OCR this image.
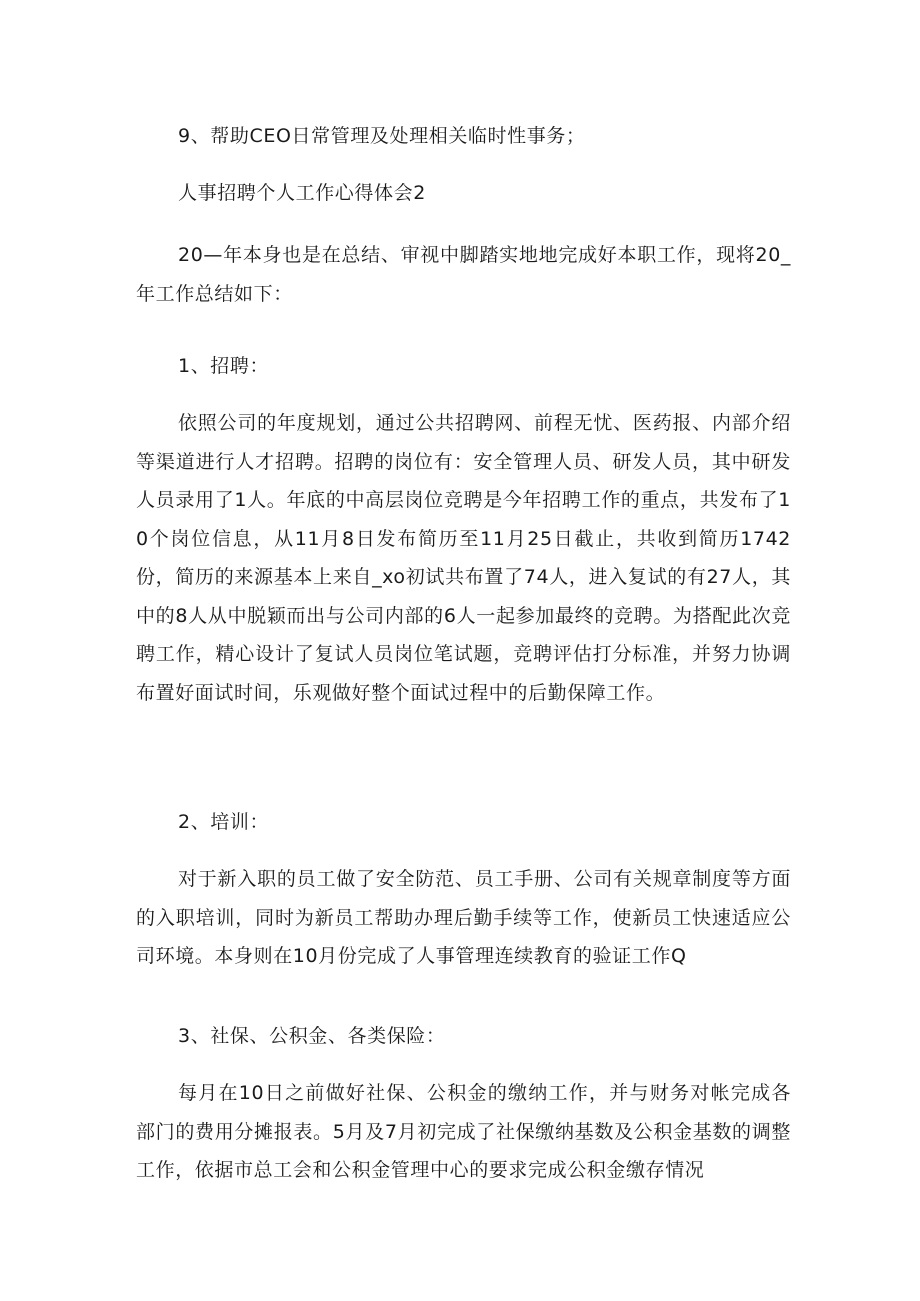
9、帮助CEO日常管理及处理相关临时性事务；

人事招聘个人工作心得体会2

20—年本身也是在总结、审视中脚踏实地地完成好本职工作，现将20_年工作总结如下：

1、招聘：

依照公司的年度规划，通过公共招聘网、前程无忧、医药报、内部介绍等渠道进行人才招聘。招聘的岗位有：安全管理人员、研发人员，其中研发人员录用了1人。年底的中高层岗位竞聘是今年招聘工作的重点，共发布了10个岗位信息，从11月8日发布简历至11月25日截止，共收到简历1742份，简历的来源基本上来自_xo初试共布置了74人，进入复试的有27人，其中的8人从中脱颖而出与公司内部的6人一起参加最终的竞聘。为搭配此次竞聘工作，精心设计了复试人员岗位笔试题，竞聘评估打分标准，并努力协调布置好面试时间，乐观做好整个面试过程中的后勤保障工作。

2、培训：

对于新入职的员工做了安全防范、员工手册、公司有关规章制度等方面的入职培训，同时为新员工帮助办理后勤手续等工作，使新员工快速适应公司环境。本身则在10月份完成了人事管理连续教育的验证工作Q

3、社保、公积金、各类保险：

每月在10日之前做好社保、公积金的缴纳工作，并与财务对帐完成各部门的费用分摊报表。5月及7月初完成了社保缴纳基数及公积金基数的调整工作，依据市总工会和公积金管理中心的要求完成公积金缴存情况
